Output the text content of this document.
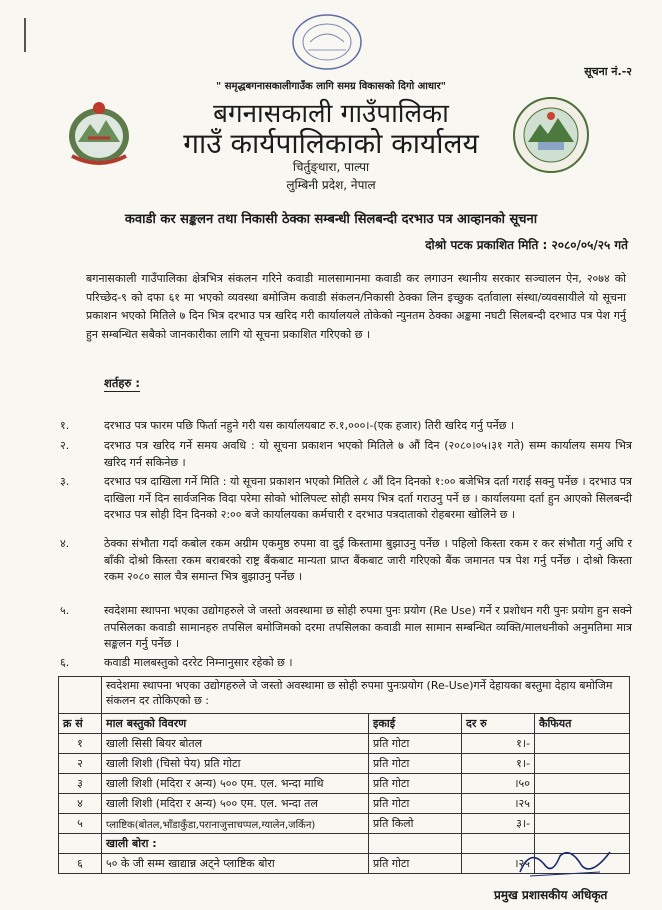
सूचना नं.-२
" समृद्धबगनासकालीगाउँक लागि समग्र विकासको दिगो आधार"
बगनासकाली गाउँपालिका
गाउँ कार्यपालिकाको कार्यालय
चिर्तुङ्धारा, पाल्पा
लुम्बिनी प्रदेश, नेपाल
कवाडी कर सङ्कलन तथा निकासी ठेक्का सम्बन्धी सिलबन्दी दरभाउ पत्र आव्हानको सूचना
दोश्रो पटक प्रकाशित मिति : २०८०/०५/२५ गते
बगनासकाली गाउँपालिका क्षेत्रभित्र संकलन गरिने कवाडी मालसामानमा कवाडी कर लगाउन स्थानीय सरकार सञ्चालन ऐन, २०७४ को परिच्छेद-९ को दफा ६१ मा भएको व्यवस्था बमोजिम कवाडी संकलन/निकासी ठेक्का लिन इच्छुक दर्तावाला संस्था/व्यवसायीले यो सूचना प्रकाशन भएको मितिले ७ दिन भित्र दरभाउ पत्र खरिद गरी कार्यालयले तोकेको न्युनतम ठेक्का अङ्कमा नघटी सिलबन्दी दरभाउ पत्र पेश गर्नु हुन सम्बन्धित सबैको जानकारीका लागि यो सूचना प्रकाशित गरिएको छ ।
शर्तहरु :
१.	दरभाउ पत्र फारम पछि फिर्ता नहुने गरी यस कार्यालयबाट रु.१,०००।-(एक हजार) तिरी खरिद गर्नु पर्नेछ ।
२.	दरभाउ पत्र खरिद गर्ने समय अवधि : यो सूचना प्रकाशन भएको मितिले ७ औं दिन (२०८०।०५।३१ गते) सम्म कार्यालय समय भित्र खरिद गर्न सकिनेछ ।
३.	दरभाउ पत्र दाखिला गर्ने मिति : यो सूचना प्रकाशन भएको मितिले ८ औं दिन दिनको १:०० बजेभित्र दर्ता गराई सक्नु पर्नेछ । दरभाउ पत्र दाखिला गर्ने दिन सार्वजनिक विदा परेमा सोको भोलिपल्ट सोही समय भित्र दर्ता गराउनु पर्ने छ । कार्यालयमा दर्ता हुन आएको सिलबन्दी दरभाउ पत्र सोही दिन दिनको २:०० बजे कार्यालयका कर्मचारी र दरभाउ पत्रदाताको रोहबरमा खोलिने छ ।
४.	ठेक्का संभौता गर्दा कबोल रकम अग्रीम एकमुष्ठ रुपमा वा दुई किस्तामा बुझाउनु पर्नेछ । पहिलो किस्ता रकम र कर संभौता गर्नु अघि र बाँकी दोश्रो किस्ता रकम बराबरको राष्ट्र बैंकबाट मान्यता प्राप्त बैंकबाट जारी गरिएको बैंक जमानत पत्र पेश गर्नु पर्नेछ । दोश्रो किस्ता रकम २०८० साल चैत्र समान्त भित्र बुझाउनु पर्नेछ ।
५.	स्वदेशमा स्थापना भएका उद्योगहरुले जे जस्तो अवस्थामा छ सोही रुपमा पुनः प्रयोग (Re Use) गर्ने र प्रशोधन गरी पुनः प्रयोग हुन सक्ने तपसिलका कवाडी सामानहरु तपसिल बमोजिमको दरमा तपसिलका कवाडी माल सामान सम्बन्धित व्यक्ति/मालधनीको अनुमतिमा मात्र सङ्कलन गर्नु पर्नेछ ।
६.	कवाडी मालबस्तुको दररेट निम्नानुसार रहेको छ ।
	स्वदेशमा स्थापना भएका उद्योगहरुले जे जस्तो अवस्थामा छ सोही रुपमा पुनःप्रयोग (Re-Use)गर्ने देहायका बस्तुमा देहाय बमोजिम संकलन दर तोकिएको छ :			
क्र सं	माल बस्तुको विवरण	इकाई	दर रु	कैफियत
१	खाली सिसी बियर बोतल	प्रति गोटा	१।-	
२	खाली शिशी (चिसो पेय) प्रति गोटा	प्रति गोटा	१।-	
३	खाली शिशी (मदिरा र अन्य) ५०० एम. एल. भन्दा माथि	प्रति गोटा	।५०	
४	खाली शिशी (मदिरा र अन्य) ५०० एम. एल. भन्दा तल	प्रति गोटा	।२५	
५	प्लाष्टिक(बोतल,भाँडाकुँडा,परानाजुत्ताचप्पल,ग्यालेन,जर्किन)	प्रति किलो	३।-	
	खाली बोरा :			
६	५० के जी सम्म खाद्यान्न अट्ने प्लाष्टिक बोरा	प्रति गोटा	।२५	
प्रमुख प्रशासकीय अधिकृत
